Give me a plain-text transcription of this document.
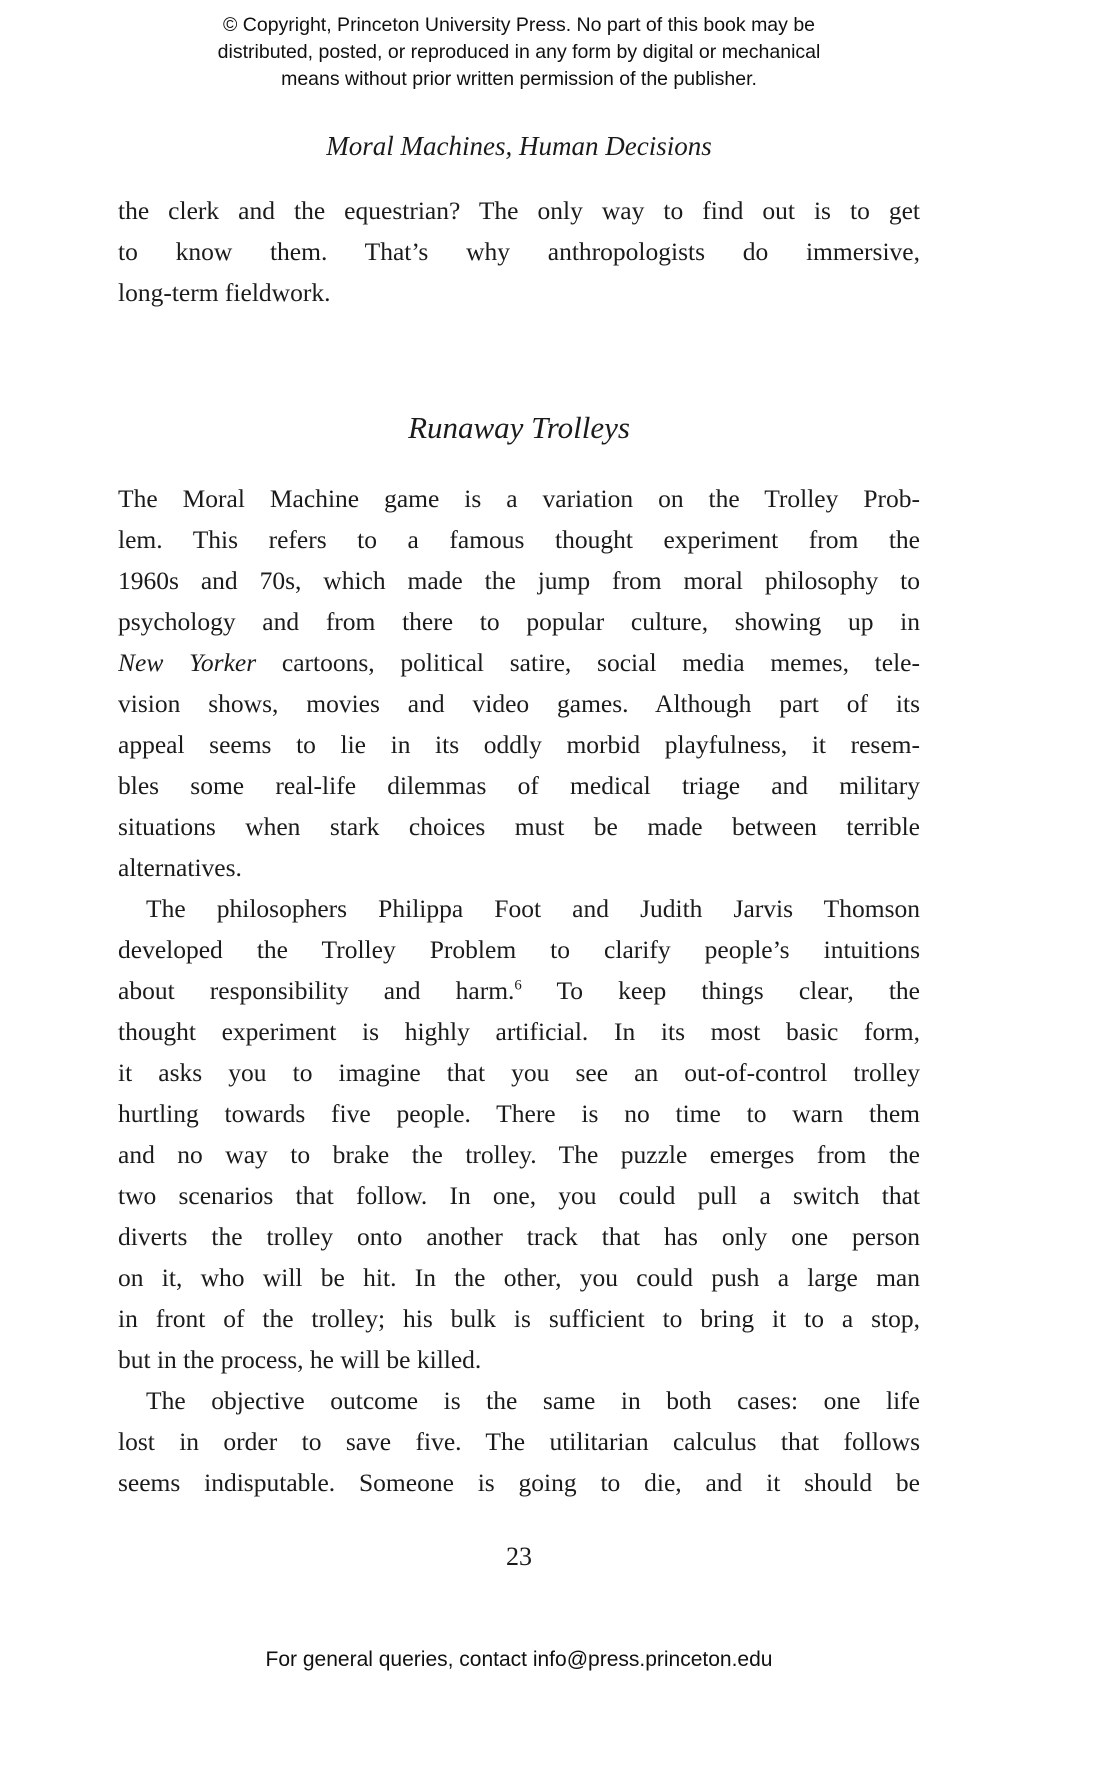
© Copyright, Princeton University Press. No part of this book may be
distributed, posted, or reproduced in any form by digital or mechanical
means without prior written permission of the publisher.
Moral Machines, Human Decisions
the clerk and the equestrian? The only way to find out is to get
to know them. That’s why anthropologists do immersive,
long-term fieldwork.
Runaway Trolleys
The Moral Machine game is a variation on the Trolley Prob-
lem. This refers to a famous thought experiment from the
1960s and 70s, which made the jump from moral philosophy to
psychology and from there to popular culture, showing up in
New Yorker cartoons, political satire, social media memes, tele-
vision shows, movies and video games. Although part of its
appeal seems to lie in its oddly morbid playfulness, it resem-
bles some real-life dilemmas of medical triage and military
situations when stark choices must be made between terrible
alternatives.
The philosophers Philippa Foot and Judith Jarvis Thomson
developed the Trolley Problem to clarify people’s intuitions
about responsibility and harm.$^6$ To keep things clear, the
thought experiment is highly artificial. In its most basic form,
it asks you to imagine that you see an out-of-control trolley
hurtling towards five people. There is no time to warn them
and no way to brake the trolley. The puzzle emerges from the
two scenarios that follow. In one, you could pull a switch that
diverts the trolley onto another track that has only one person
on it, who will be hit. In the other, you could push a large man
in front of the trolley; his bulk is sufficient to bring it to a stop,
but in the process, he will be killed.
The objective outcome is the same in both cases: one life
lost in order to save five. The utilitarian calculus that follows
seems indisputable. Someone is going to die, and it should be
23
For general queries, contact info@press.princeton.edu
